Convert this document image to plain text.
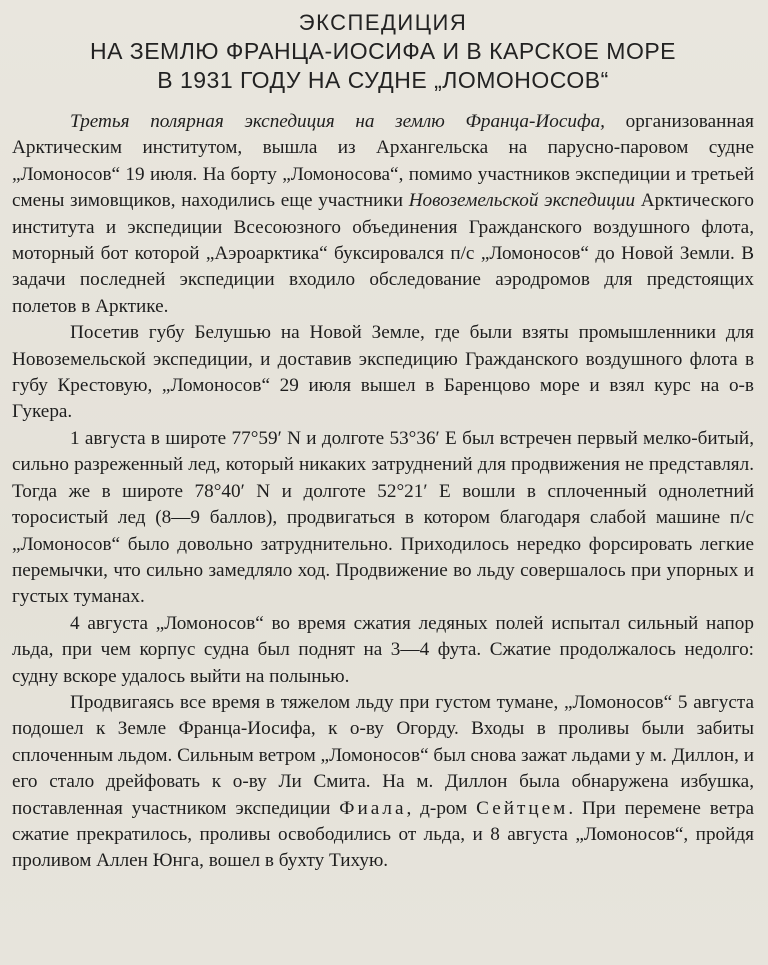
ЭКСПЕДИЦИЯ
НА ЗЕМЛЮ ФРАНЦА-ИОСИФА И В КАРСКОЕ МОРЕ
В 1931 ГОДУ НА СУДНЕ „ЛОМОНОСОВ“

Третья полярная экспедиция на землю Франца-Иосифа, организованная Арктическим институтом, вышла из Архангельска на парусно-паровом судне „Ломоносов“ 19 июля. На борту „Ломоносова“, помимо участников экспедиции и третьей смены зимовщиков, находились еще участники Новоземельской экспедиции Арктического института и экспедиции Всесоюзного объединения Гражданского воздушного флота, моторный бот которой „Аэроарктика“ буксировался п/с „Ломоносов“ до Новой Земли. В задачи последней экспедиции входило обследование аэродромов для предстоящих полетов в Арктике.

Посетив губу Белушью на Новой Земле, где были взяты промышленники для Новоземельской экспедиции, и доставив экспедицию Гражданского воздушного флота в губу Крестовую, „Ломоносов“ 29 июля вышел в Баренцово море и взял курс на о-в Гукера.

1 августа в широте 77°59′ N и долготе 53°36′ E был встречен первый мелко-битый, сильно разреженный лед, который никаких затруднений для продвижения не представлял. Тогда же в широте 78°40′ N и долготе 52°21′ E вошли в сплоченный однолетний торосистый лед (8—9 баллов), продвигаться в котором благодаря слабой машине п/с „Ломоносов“ было довольно затруднительно. Приходилось нередко форсировать легкие перемычки, что сильно замедляло ход. Продвижение во льду совершалось при упорных и густых туманах.

4 августа „Ломоносов“ во время сжатия ледяных полей испытал сильный напор льда, при чем корпус судна был поднят на 3—4 фута. Сжатие продолжалось недолго: судну вскоре удалось выйти на полынью.

Продвигаясь все время в тяжелом льду при густом тумане, „Ломоносов“ 5 августа подошел к Земле Франца-Иосифа, к о-ву Огорду. Входы в проливы были забиты сплоченным льдом. Сильным ветром „Ломоносов“ был снова зажат льдами у м. Диллон, и его стало дрейфовать к о-ву Ли Смита. На м. Диллон была обнаружена избушка, поставленная участником экспедиции Фиала, д-ром Сейтцем. При перемене ветра сжатие прекратилось, проливы освободились от льда, и 8 августа „Ломоносов“, пройдя проливом Аллен Юнга, вошел в бухту Тихую.
